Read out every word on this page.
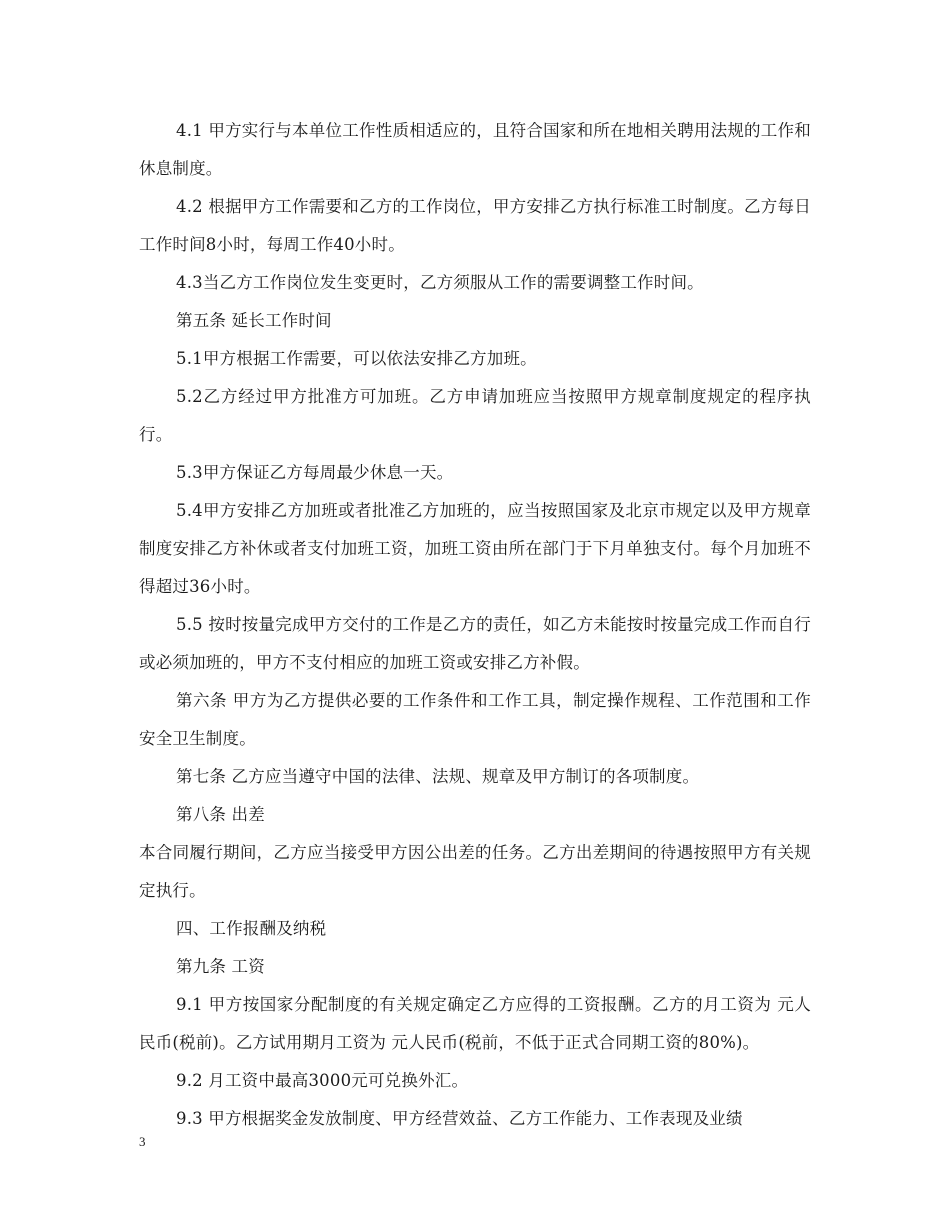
4.1 甲方实行与本单位工作性质相适应的，且符合国家和所在地相关聘用法规的工作和休息制度。

4.2 根据甲方工作需要和乙方的工作岗位，甲方安排乙方执行标准工时制度。乙方每日工作时间8小时，每周工作40小时。

4.3当乙方工作岗位发生变更时，乙方须服从工作的需要调整工作时间。

第五条 延长工作时间

5.1甲方根据工作需要，可以依法安排乙方加班。

5.2乙方经过甲方批准方可加班。乙方申请加班应当按照甲方规章制度规定的程序执行。

5.3甲方保证乙方每周最少休息一天。

5.4甲方安排乙方加班或者批准乙方加班的，应当按照国家及北京市规定以及甲方规章制度安排乙方补休或者支付加班工资，加班工资由所在部门于下月单独支付。每个月加班不得超过36小时。

5.5 按时按量完成甲方交付的工作是乙方的责任，如乙方未能按时按量完成工作而自行或必须加班的，甲方不支付相应的加班工资或安排乙方补假。

第六条 甲方为乙方提供必要的工作条件和工作工具，制定操作规程、工作范围和工作安全卫生制度。

第七条 乙方应当遵守中国的法律、法规、规章及甲方制订的各项制度。

第八条 出差

本合同履行期间，乙方应当接受甲方因公出差的任务。乙方出差期间的待遇按照甲方有关规定执行。

四、工作报酬及纳税

第九条 工资

9.1 甲方按国家分配制度的有关规定确定乙方应得的工资报酬。乙方的月工资为 元人民币(税前)。乙方试用期月工资为 元人民币(税前，不低于正式合同期工资的80%)。

9.2 月工资中最高3000元可兑换外汇。

9.3 甲方根据奖金发放制度、甲方经营效益、乙方工作能力、工作表现及业绩

3
